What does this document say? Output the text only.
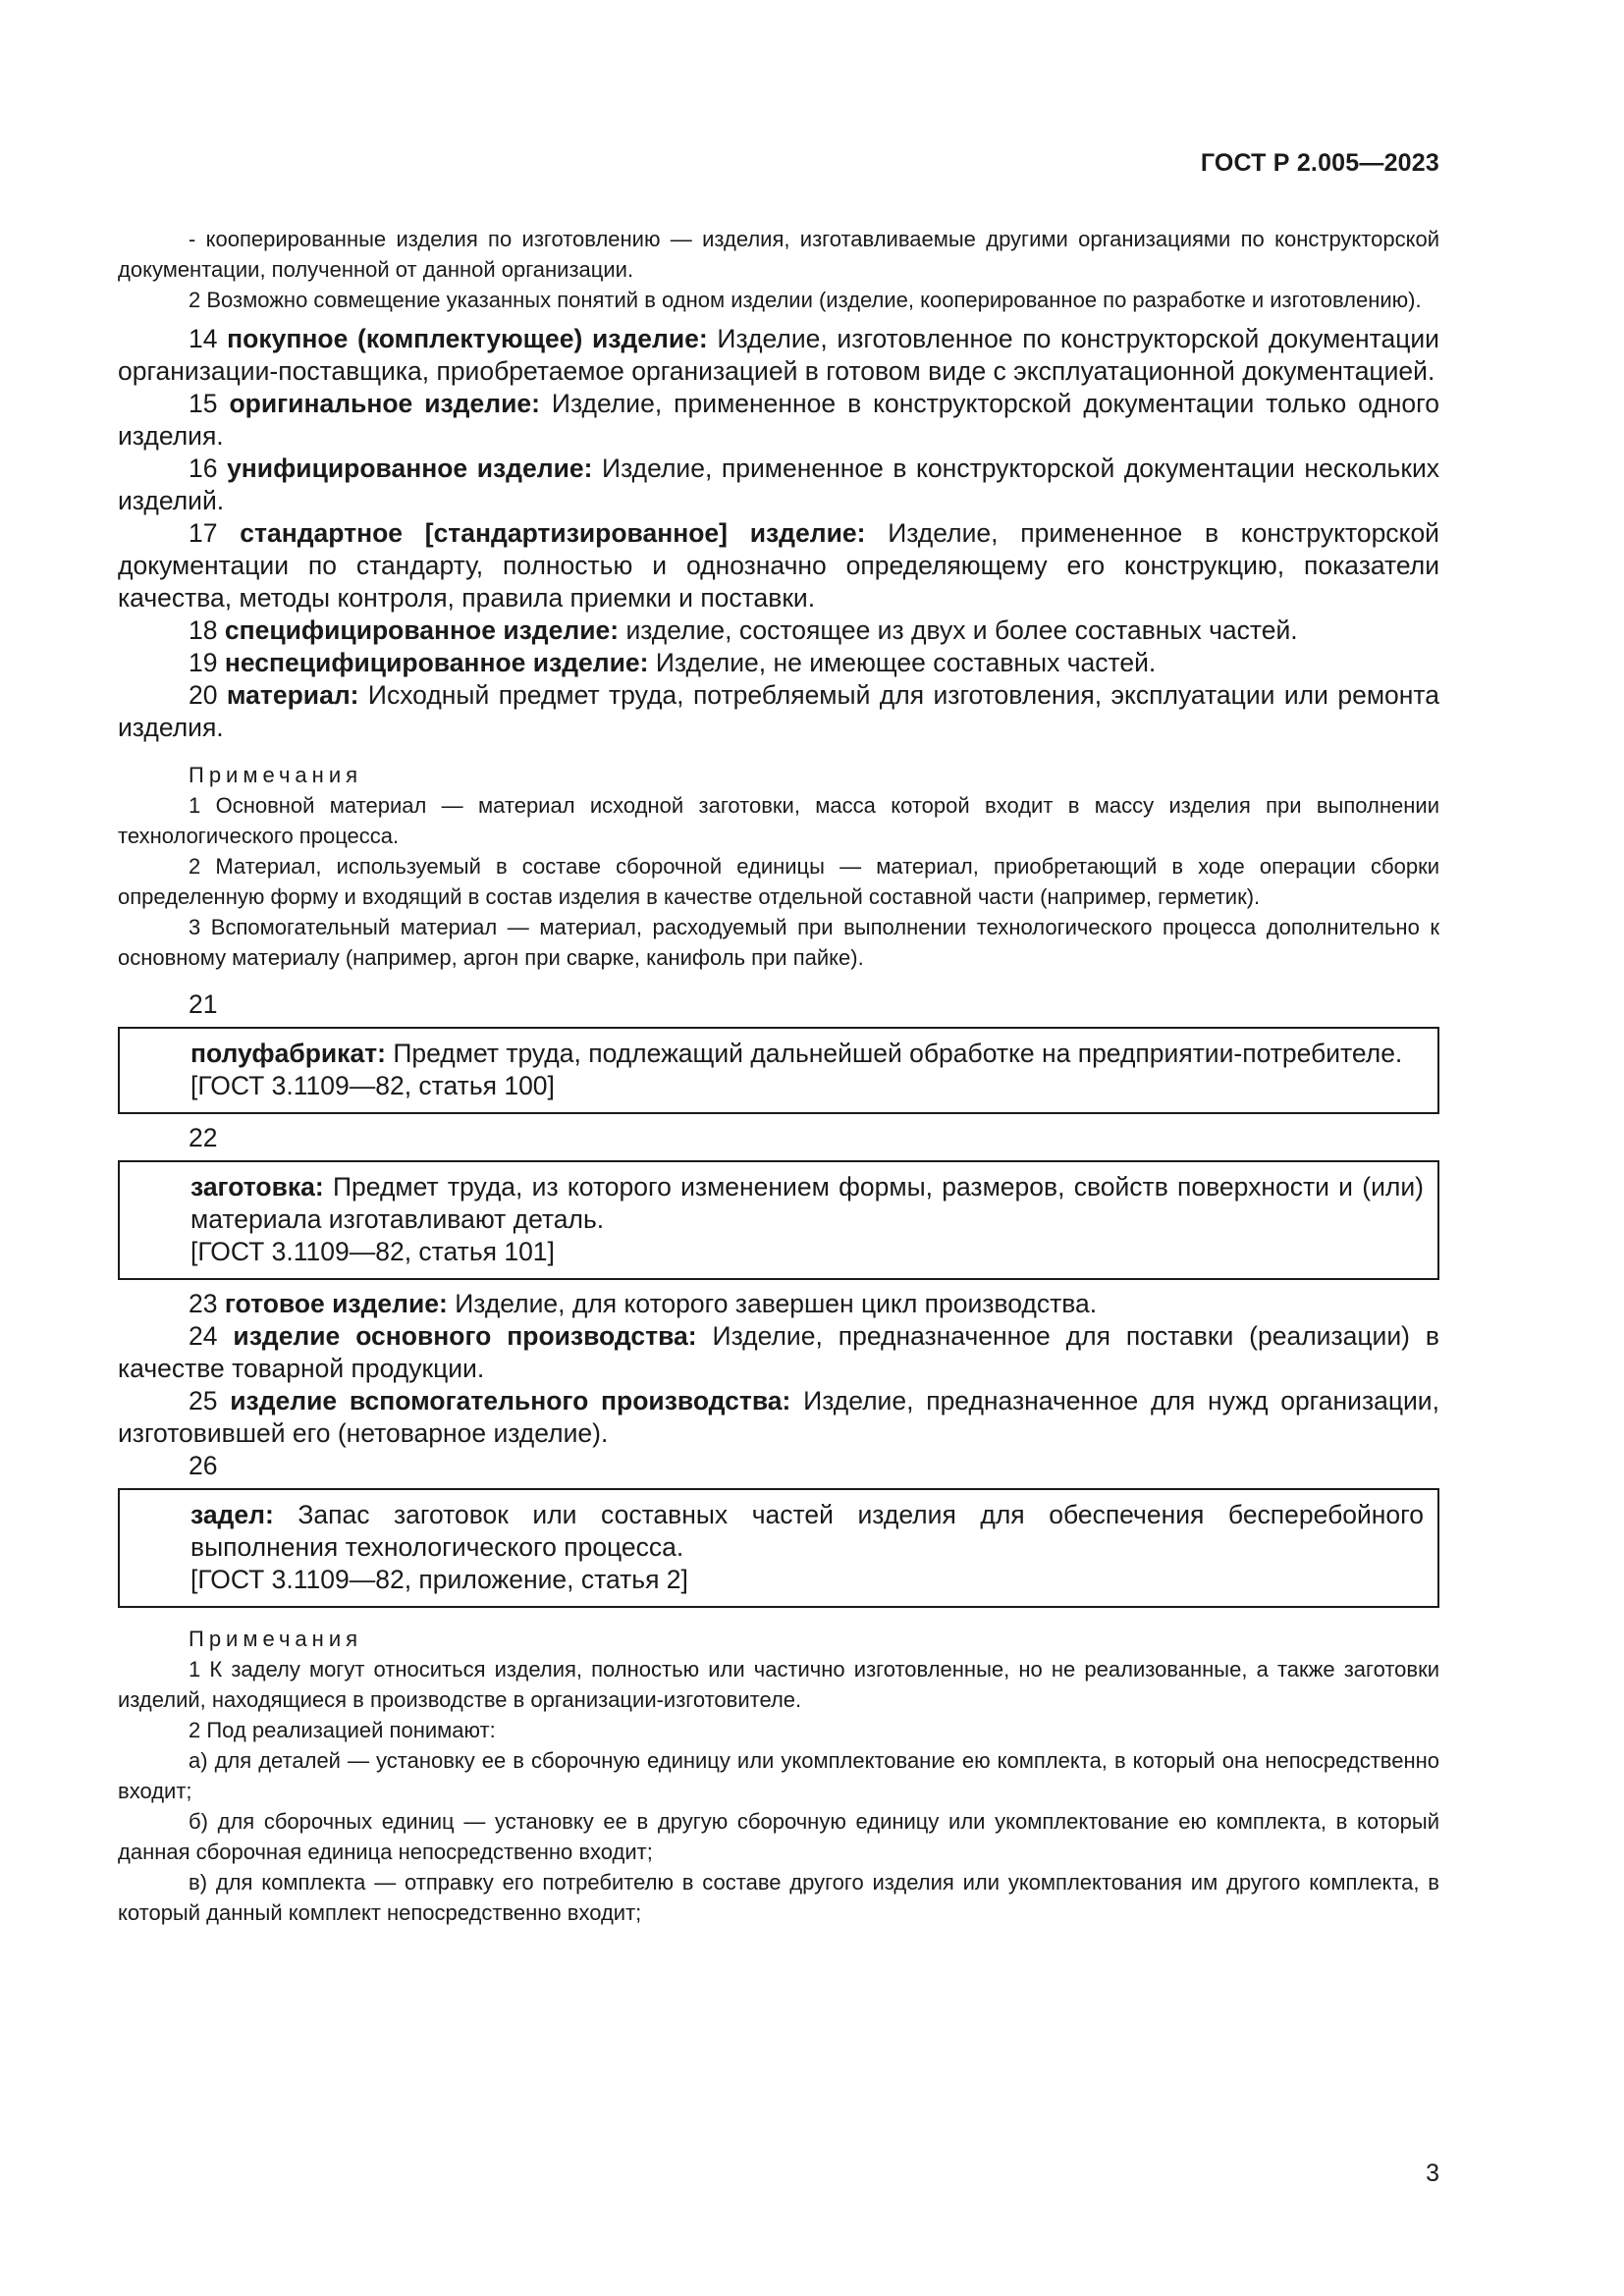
ГОСТ Р 2.005—2023

- кооперированные изделия по изготовлению — изделия, изготавливаемые другими организациями по конструкторской документации, полученной от данной организации.

2 Возможно совмещение указанных понятий в одном изделии (изделие, кооперированное по разработке и изготовлению).

14 покупное (комплектующее) изделие: Изделие, изготовленное по конструкторской документации организации-поставщика, приобретаемое организацией в готовом виде с эксплуатационной документацией.

15 оригинальное изделие: Изделие, примененное в конструкторской документации только одного изделия.

16 унифицированное изделие: Изделие, примененное в конструкторской документации нескольких изделий.

17 стандартное [стандартизированное] изделие: Изделие, примененное в конструкторской документации по стандарту, полностью и однозначно определяющему его конструкцию, показатели качества, методы контроля, правила приемки и поставки.

18 специфицированное изделие: изделие, состоящее из двух и более составных частей.

19 неспецифицированное изделие: Изделие, не имеющее составных частей.

20 материал: Исходный предмет труда, потребляемый для изготовления, эксплуатации или ремонта изделия.

Примечания

1 Основной материал — материал исходной заготовки, масса которой входит в массу изделия при выполнении технологического процесса.

2 Материал, используемый в составе сборочной единицы — материал, приобретающий в ходе операции сборки определенную форму и входящий в состав изделия в качестве отдельной составной части (например, герметик).

3 Вспомогательный материал — материал, расходуемый при выполнении технологического процесса дополнительно к основному материалу (например, аргон при сварке, канифоль при пайке).

21

полуфабрикат: Предмет труда, подлежащий дальнейшей обработке на предприятии-потребителе.

[ГОСТ 3.1109—82, статья 100]

22

заготовка: Предмет труда, из которого изменением формы, размеров, свойств поверхности и (или) материала изготавливают деталь.

[ГОСТ 3.1109—82, статья 101]

23 готовое изделие: Изделие, для которого завершен цикл производства.

24 изделие основного производства: Изделие, предназначенное для поставки (реализации) в качестве товарной продукции.

25 изделие вспомогательного производства: Изделие, предназначенное для нужд организации, изготовившей его (нетоварное изделие).

26

задел: Запас заготовок или составных частей изделия для обеспечения бесперебойного выполнения технологического процесса.

[ГОСТ 3.1109—82, приложение, статья 2]

Примечания

1 К заделу могут относиться изделия, полностью или частично изготовленные, но не реализованные, а также заготовки изделий, находящиеся в производстве в организации-изготовителе.

2 Под реализацией понимают:

а) для деталей — установку ее в сборочную единицу или укомплектование ею комплекта, в который она непосредственно входит;

б) для сборочных единиц — установку ее в другую сборочную единицу или укомплектование ею комплекта, в который данная сборочная единица непосредственно входит;

в) для комплекта — отправку его потребителю в составе другого изделия или укомплектования им другого комплекта, в который данный комплект непосредственно входит;

3
